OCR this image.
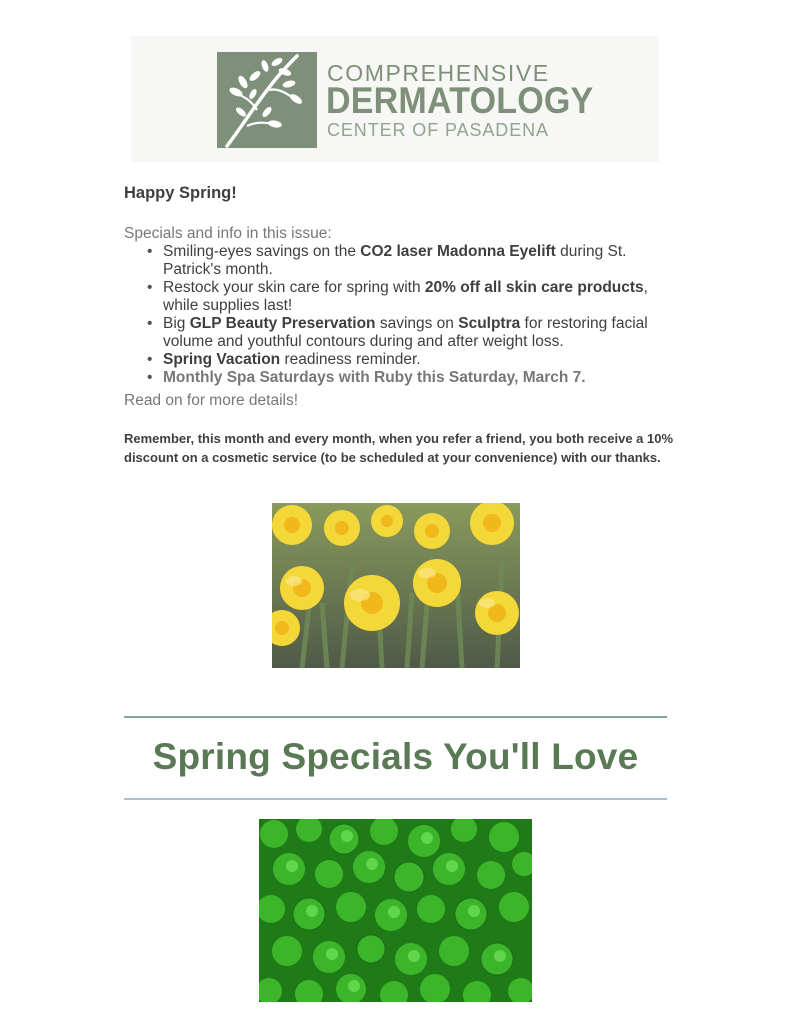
COMPREHENSIVE
DERMATOLOGY
CENTER OF PASADENA
Happy Spring!
Specials and info in this issue:
• Smiling-eyes savings on the CO2 laser Madonna Eyelift during St. Patrick's month.
• Restock your skin care for spring with 20% off all skin care products, while supplies last!
• Big GLP Beauty Preservation savings on Sculptra for restoring facial volume and youthful contours during and after weight loss.
• Spring Vacation readiness reminder.
• Monthly Spa Saturdays with Ruby this Saturday, March 7.
Read on for more details!

Remember, this month and every month, when you refer a friend, you both receive a 10% discount on a cosmetic service (to be scheduled at your convenience) with our thanks.

Spring Specials You'll Love
